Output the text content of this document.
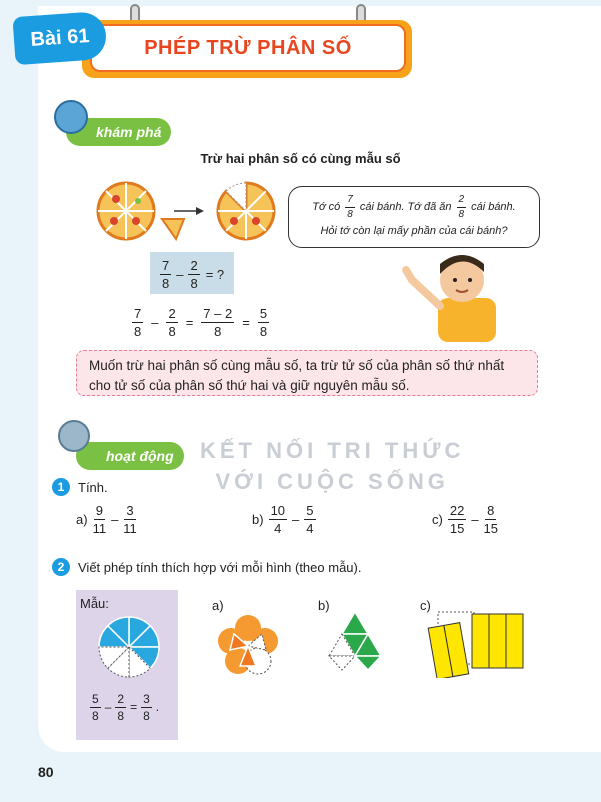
PHÉP TRỪ PHÂN SỐ
Bài 61
khám phá
Trừ hai phân số có cùng mẫu số
Tớ có $\frac{7}{8}$ cái bánh. Tớ đã ăn $\frac{2}{8}$ cái bánh.
Hỏi tớ còn lại mấy phần của cái bánh?
$\frac{7}{8} - \frac{2}{8}$ = ?
$\frac{7}{8} - \frac{2}{8} = \frac{7 - 2}{8} = \frac{5}{8}$
Muốn trừ hai phân số cùng mẫu số, ta trừ tử số của phân số thứ nhất cho tử số của phân số thứ hai và giữ nguyên mẫu số.
KẾT NỐI TRI THỨC
VỚI CUỘC SỐNG
hoạt động
1	Tính.
$a) \frac{9}{11} - \frac{3}{11}$	$b) \frac{10}{4} - \frac{5}{4}$	$c) \frac{22}{15} - \frac{8}{15}$
2	Viết phép tính thích hợp với mỗi hình (theo mẫu).
Mẫu:
$\frac{5}{8} - \frac{2}{8} = \frac{3}{8}$ .
a)	b)	c)
80
